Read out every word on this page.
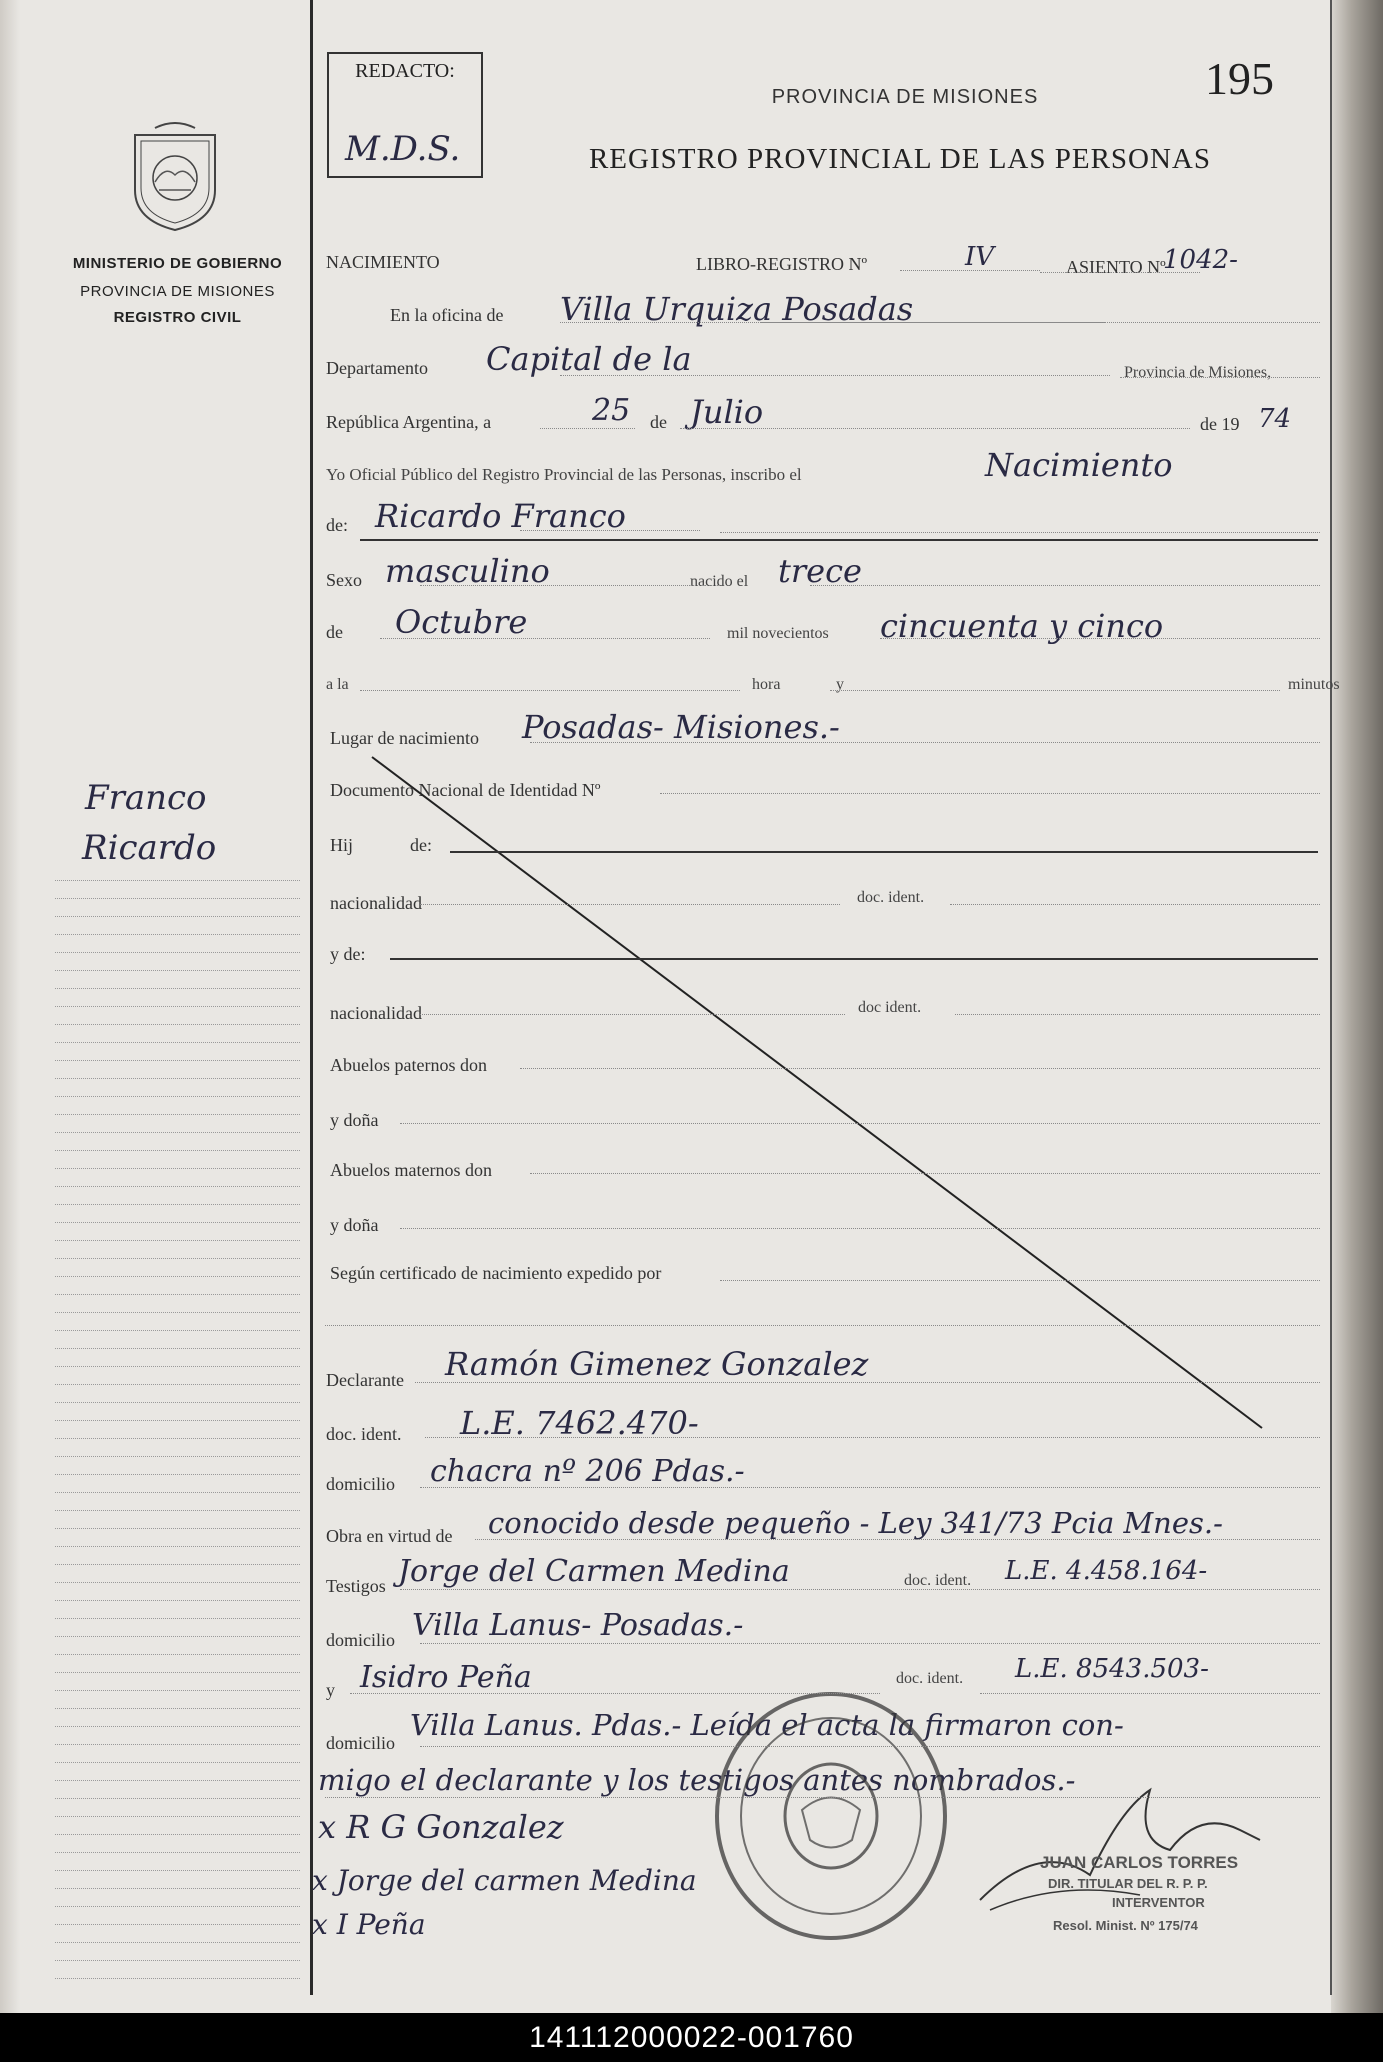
MINISTERIO DE GOBIERNO
PROVINCIA DE MISIONES
REGISTRO CIVIL
Franco
Ricardo
REDACTO:
M.D.S.
195
PROVINCIA DE MISIONES
REGISTRO PROVINCIAL DE LAS PERSONAS
NACIMIENTO	LIBRO-REGISTRO Nº	IV	ASIENTO Nº
1042-
En la oficina de Villa Urquiza Posadas
Departamento Capital de la	Provincia de Misiones,
República Argentina, a	25 de Julio	de 19 74
Yo Oficial Público del Registro Provincial de las Personas, inscribo el	Nacimiento
de: Ricardo Franco
Sexo masculino	nacido el trece
de Octubre	mil novecientos cincuenta y cinco
a la	hora	y	minutos
Lugar de nacimiento Posadas- Misiones.-
Documento Nacional de Identidad Nº
Hij	de:
nacionalidad	doc. ident.
y de:
nacionalidad	doc ident.
Abuelos paternos don
y doña
Abuelos maternos don
y doña
Según certificado de nacimiento expedido por
Declarante Ramón Gimenez Gonzalez
doc. ident. L.E. 7462.470-
domicilio chacra nº 206 Pdas.-
Obra en virtud de conocido desde pequeño - Ley 341/73 Pcia Mnes.-
Testigos Jorge del Carmen Medina	doc. ident. L.E. 4.458.164-
domicilio Villa Lanus- Posadas.-
y Isidro Peña	doc. ident. L.E. 8543.503-
domicilio
Villa Lanus. Pdas.- Leída el acta la firmaron con-
migo el declarante y los testigos antes nombrados.-
x R G Gonzalez
x Jorge del carmen Medina
x I Peña
JUAN CARLOS TORRES
DIR. TITULAR DEL R. P. P.
INTERVENTOR
Resol. Minist. Nº 175/74
141112000022-001760
